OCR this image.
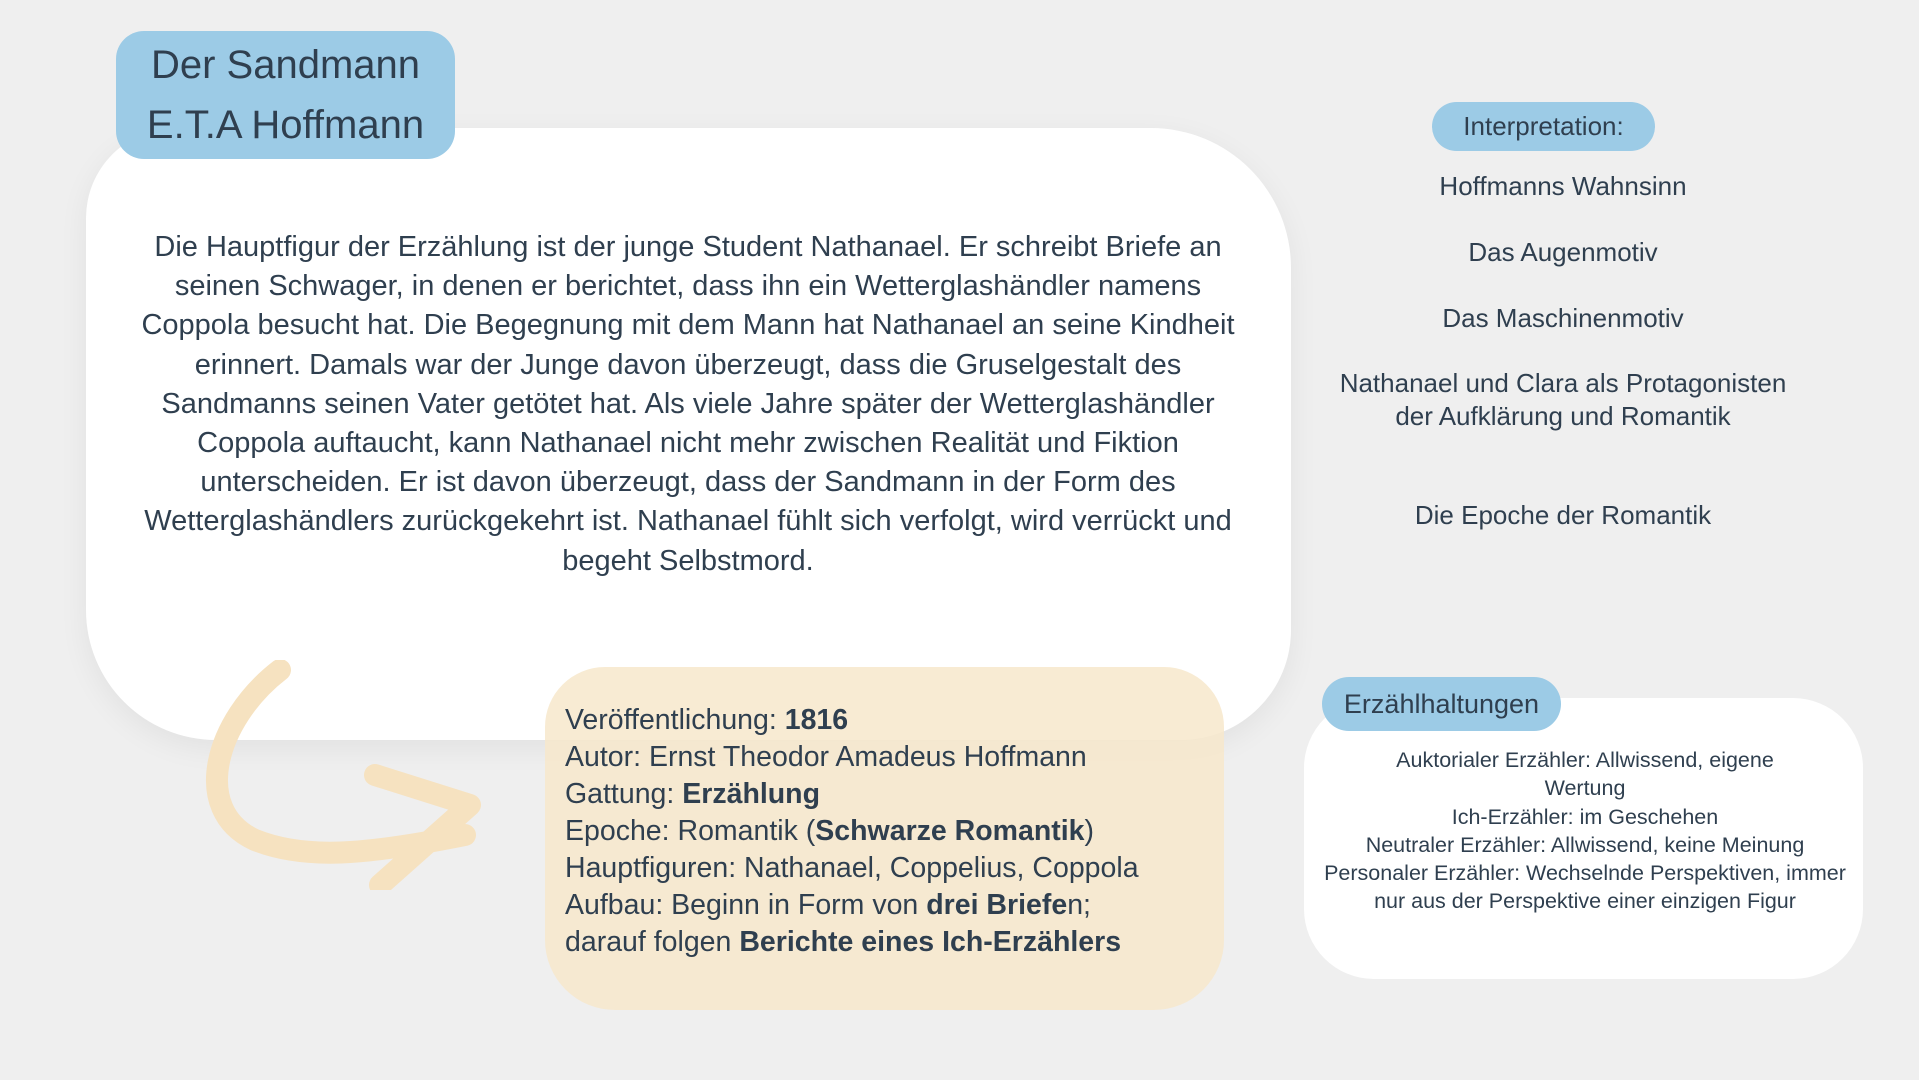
Der Sandmann
E.T.A Hoffmann

Die Hauptfigur der Erzählung ist der junge Student Nathanael. Er schreibt Briefe an seinen Schwager, in denen er berichtet, dass ihn ein Wetterglashändler namens Coppola besucht hat. Die Begegnung mit dem Mann hat Nathanael an seine Kindheit erinnert. Damals war der Junge davon überzeugt, dass die Gruselgestalt des Sandmanns seinen Vater getötet hat. Als viele Jahre später der Wetterglashändler Coppola auftaucht, kann Nathanael nicht mehr zwischen Realität und Fiktion unterscheiden. Er ist davon überzeugt, dass der Sandmann in der Form des Wetterglashändlers zurückgekehrt ist. Nathanael fühlt sich verfolgt, wird verrückt und begeht Selbstmord.

Veröffentlichung: 1816
Autor: Ernst Theodor Amadeus Hoffmann
Gattung: Erzählung
Epoche: Romantik (Schwarze Romantik)
Hauptfiguren: Nathanael, Coppelius, Coppola
Aufbau: Beginn in Form von drei Briefen;
darauf folgen Berichte eines Ich-Erzählers
Interpretation:
Hoffmanns Wahnsinn
Das Augenmotiv
Das Maschinenmotiv
Nathanael und Clara als Protagonisten der Aufklärung und Romantik
Die Epoche der Romantik
Erzählhaltungen
Auktorialer Erzähler: Allwissend, eigene Wertung
Ich-Erzähler: im Geschehen
Neutraler Erzähler: Allwissend, keine Meinung
Personaler Erzähler: Wechselnde Perspektiven, immer nur aus der Perspektive einer einzigen Figur
